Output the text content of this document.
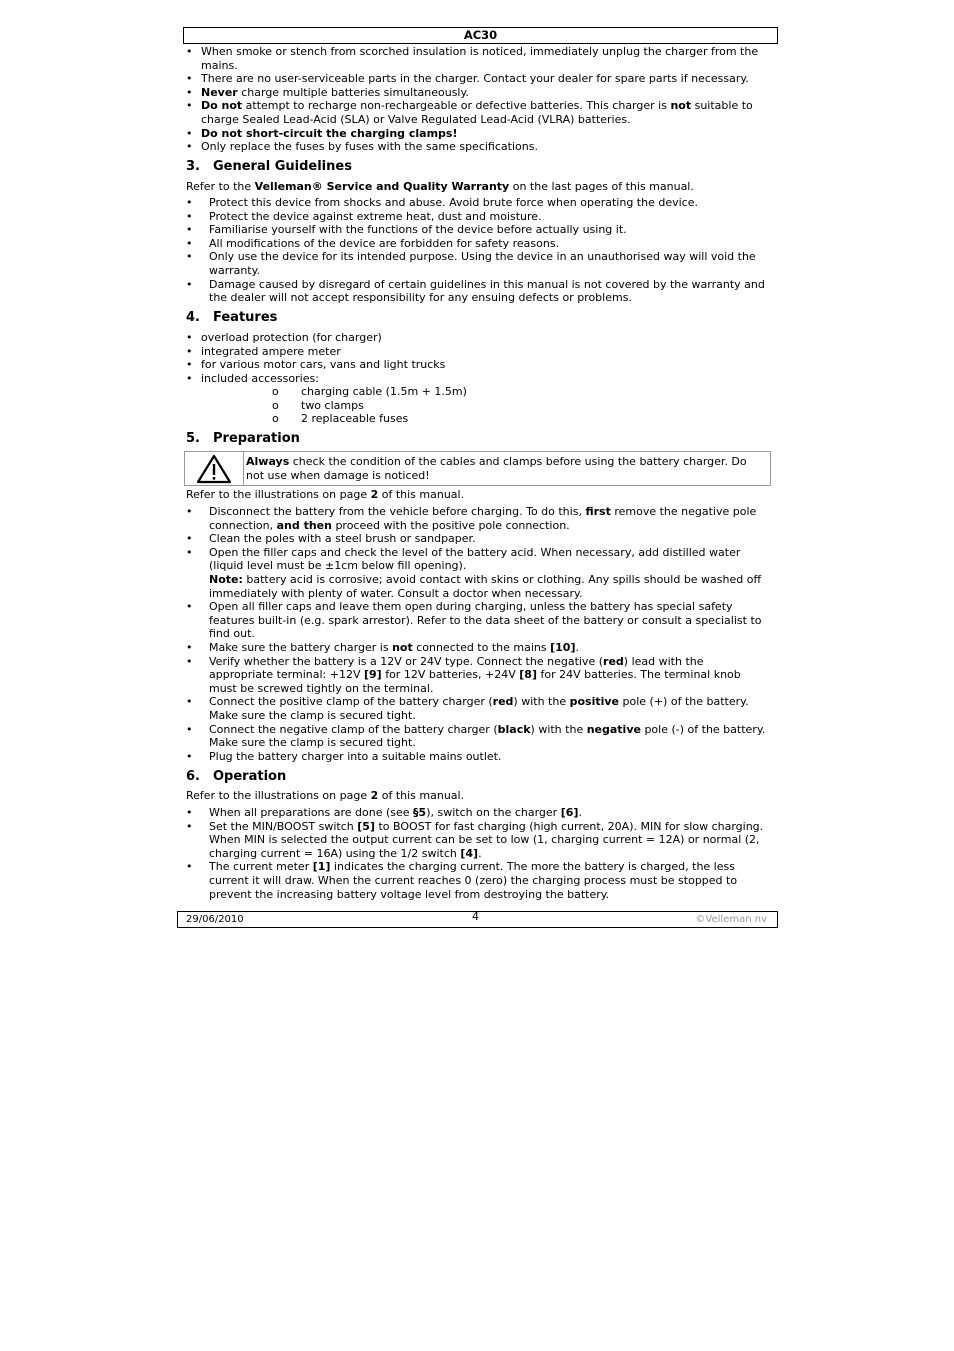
AC30
• When smoke or stench from scorched insulation is noticed, immediately unplug the charger from the mains.
• There are no user-serviceable parts in the charger. Contact your dealer for spare parts if necessary.
• Never charge multiple batteries simultaneously.
• Do not attempt to recharge non-rechargeable or defective batteries. This charger is not suitable to charge Sealed Lead-Acid (SLA) or Valve Regulated Lead-Acid (VLRA) batteries.
• Do not short-circuit the charging clamps!
• Only replace the fuses by fuses with the same specifications.
3. General Guidelines
Refer to the Velleman® Service and Quality Warranty on the last pages of this manual.
• Protect this device from shocks and abuse. Avoid brute force when operating the device.
• Protect the device against extreme heat, dust and moisture.
• Familiarise yourself with the functions of the device before actually using it.
• All modifications of the device are forbidden for safety reasons.
• Only use the device for its intended purpose. Using the device in an unauthorised way will void the warranty.
• Damage caused by disregard of certain guidelines in this manual is not covered by the warranty and the dealer will not accept responsibility for any ensuing defects or problems.
4. Features
• overload protection (for charger)
• integrated ampere meter
• for various motor cars, vans and light trucks
• included accessories:
o charging cable (1.5m + 1.5m)
o two clamps
o 2 replaceable fuses
5. Preparation
Always check the condition of the cables and clamps before using the battery charger. Do not use when damage is noticed!
Refer to the illustrations on page 2 of this manual.
• Disconnect the battery from the vehicle before charging. To do this, first remove the negative pole connection, and then proceed with the positive pole connection.
• Clean the poles with a steel brush or sandpaper.
• Open the filler caps and check the level of the battery acid. When necessary, add distilled water (liquid level must be ±1cm below fill opening).
Note: battery acid is corrosive; avoid contact with skins or clothing. Any spills should be washed off immediately with plenty of water. Consult a doctor when necessary.
• Open all filler caps and leave them open during charging, unless the battery has special safety features built-in (e.g. spark arrestor). Refer to the data sheet of the battery or consult a specialist to find out.
• Make sure the battery charger is not connected to the mains [10].
• Verify whether the battery is a 12V or 24V type. Connect the negative (red) lead with the appropriate terminal: +12V [9] for 12V batteries, +24V [8] for 24V batteries. The terminal knob must be screwed tightly on the terminal.
• Connect the positive clamp of the battery charger (red) with the positive pole (+) of the battery. Make sure the clamp is secured tight.
• Connect the negative clamp of the battery charger (black) with the negative pole (-) of the battery. Make sure the clamp is secured tight.
• Plug the battery charger into a suitable mains outlet.
6. Operation
Refer to the illustrations on page 2 of this manual.
• When all preparations are done (see §5), switch on the charger [6].
• Set the MIN/BOOST switch [5] to BOOST for fast charging (high current, 20A). MIN for slow charging. When MIN is selected the output current can be set to low (1, charging current = 12A) or normal (2, charging current = 16A) using the 1/2 switch [4].
• The current meter [1] indicates the charging current. The more the battery is charged, the less current it will draw. When the current reaches 0 (zero) the charging process must be stopped to prevent the increasing battery voltage level from destroying the battery.
29/06/2010	4	©Velleman nv
